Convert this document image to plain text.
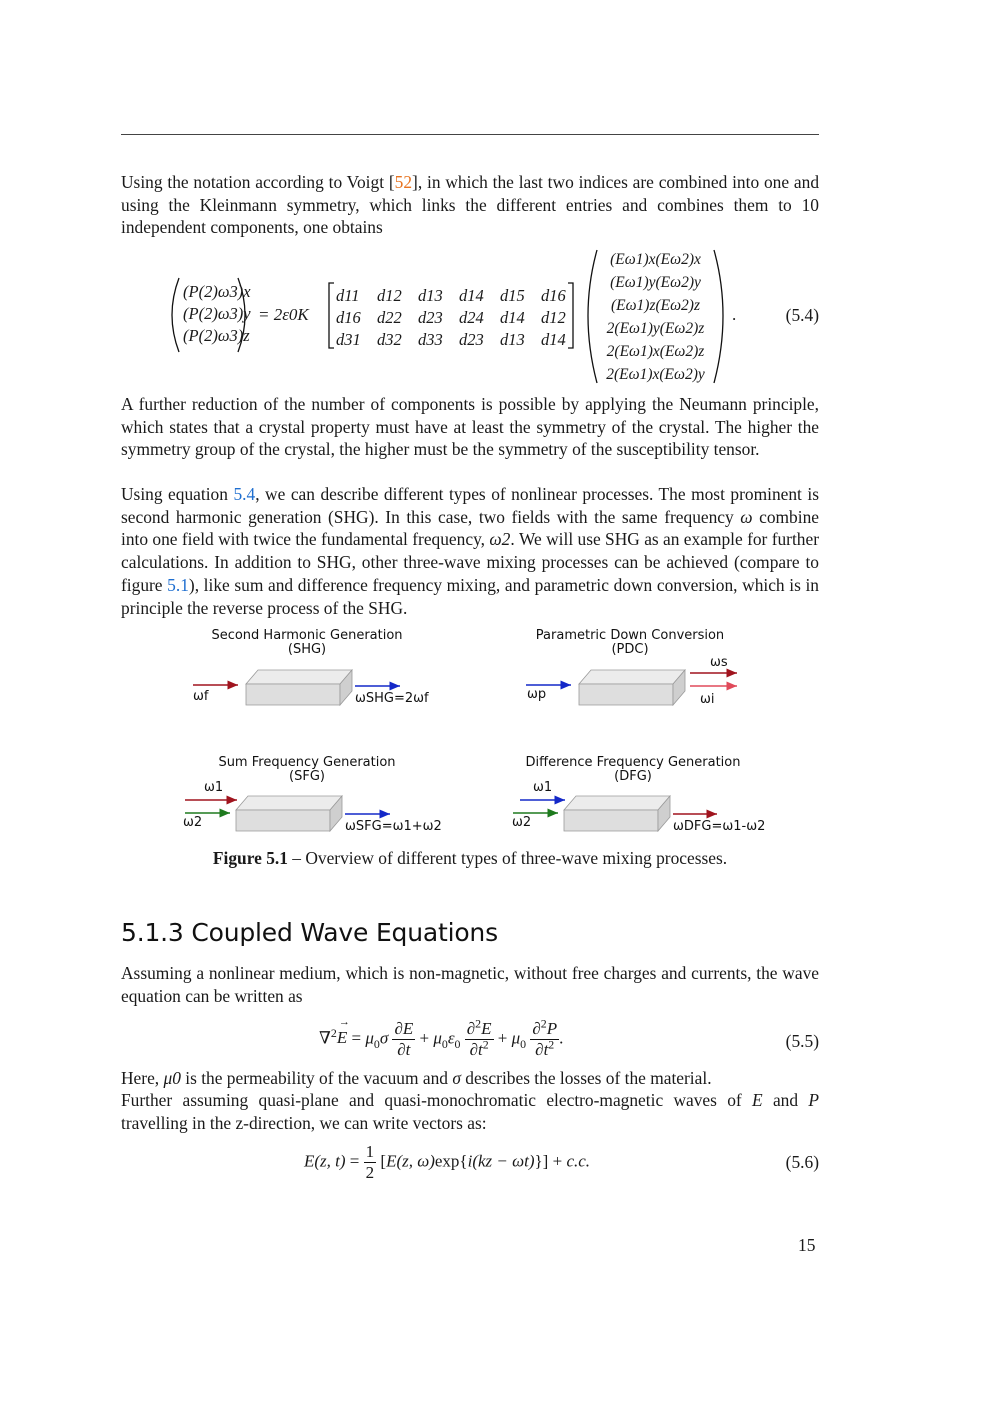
Using the notation according to Voigt [52], in which the last two indices are combined into one and using the Kleinmann symmetry, which links the different entries and combines them to 10 independent components, one obtains

(P(2)ω3)x
(P(2)ω3)y
(P(2)ω3)z
= 2ε0K
d11 d12 d13 d14 d15 d16
d16 d22 d23 d24 d14 d12
d31 d32 d33 d23 d13 d14
(Eω1)x(Eω2)x
(Eω1)y(Eω2)y
(Eω1)z(Eω2)z
2(Eω1)y(Eω2)z
2(Eω1)x(Eω2)z
2(Eω1)x(Eω2)y
.	(5.4)

A further reduction of the number of components is possible by applying the Neumann principle, which states that a crystal property must have at least the symmetry of the crystal. The higher the symmetry group of the crystal, the higher must be the symmetry of the susceptibility tensor.

Using equation 5.4, we can describe different types of nonlinear processes. The most prominent is second harmonic generation (SHG). In this case, two fields with the same frequency ω combine into one field with twice the fundamental frequency, ω2. We will use SHG as an example for further calculations. In addition to SHG, other three-wave mixing processes can be achieved (compare to figure 5.1), like sum and difference frequency mixing, and parametric down conversion, which is in principle the reverse process of the SHG.

Second Harmonic Generation
(SHG)
Parametric Down Conversion
(PDC)
Sum Frequency Generation
(SFG)
Difference Frequency Generation
(DFG)
ωf	ωSHG=2ωf	ωp
ωs
ωi
ω1
ω2	ωSFG=ω1+ω2
ω1
ω2	ωDFG=ω1-ω2
Figure 5.1 – Overview of different types of three-wave mixing processes.
5.1.3 Coupled Wave Equations

Assuming a nonlinear medium, which is non-magnetic, without free charges and currents, the wave equation can be written as

∇$^2$E
→
= $\mu_0\sigma \frac{\partial E}{\partial t} + \mu_0\varepsilon_0 \frac{\partial^2E}{\partial t^2} + \mu_0 \frac{\partial^2P}{\partial t^2}$ .	(5.5)

Here, μ0 is the permeability of the vacuum and σ describes the losses of the material.

Further assuming quasi-plane and quasi-monochromatic electro-magnetic waves of E and P travelling in the z-direction, we can write vectors as:

E(z, $t) = \frac{1}{2} [E(z$, ω)exp{i(kz − ωt)}] + c.c.	(5.6)
15
